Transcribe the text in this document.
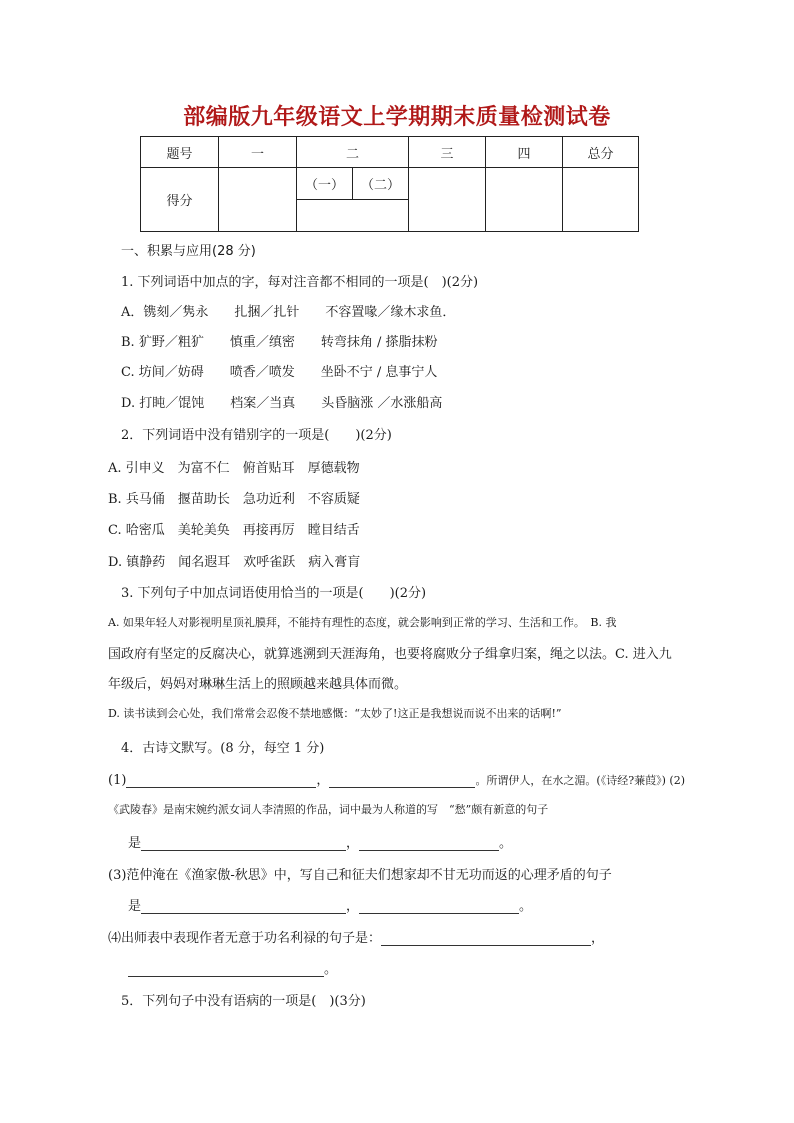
部编版九年级语文上学期期末质量检测试卷
题号	一	二		三	四	总分
得分		（一）	（二）			

一、积累与应用(28 分)
1. 下列词语中加点的字，每对注音都不相同的一项是(　)(2分)
A．镌刻／隽永　　扎捆／扎针　　不容置喙／缘木求鱼．
B. 犷野／粗犷　　慎重／缜密　　转弯抹角 / 搽脂抹粉
C. 坊间／妨碍　　喷香／喷发　　坐卧不宁 / 息事宁人
D. 打盹／馄饨　　档案／当真　　头昏脑涨 ／水涨船高
2．下列词语中没有错别字的一项是(　　)(2分)
A. 引申义　为富不仁　俯首贴耳　厚德载物
B. 兵马俑　揠苗助长　急功近利　不容质疑
C. 哈密瓜　美轮美奂　再接再厉　瞠目结舌
D. 镇静药　闻名遐耳　欢呼雀跃　病入膏肓
3. 下列句子中加点词语使用恰当的一项是(　　)(2分)
A. 如果年轻人对影视明星顶礼膜拜，不能持有理性的态度，就会影响到正常的学习、生活和工作。　B. 我
国政府有坚定的反腐决心，就算逃溯到天涯海角，也要将腐败分子缉拿归案，绳之以法。C. 进入九
年级后，妈妈对琳琳生活上的照顾越来越具体而微。
D. 读书读到会心处，我们常常会忍俊不禁地感慨：“太妙了!这正是我想说而说不出来的话啊!”
4．古诗文默写。(8 分，每空 1 分)
(1)	，	。所谓伊人，在水之湄。(《诗经?蒹葭》) (2)
《武陵春》是南宋婉约派女词人李清照的作品，词中最为人称道的写　“愁”颇有新意的句子
是	，	。
(3)范仲淹在《渔家傲-秋思》中，写自己和征夫们想家却不甘无功而返的心理矛盾的句子
是	，	。
⑷出师表中表现作者无意于功名利禄的句子是：	，
。
5．下列句子中没有语病的一项是(　)(3分)
